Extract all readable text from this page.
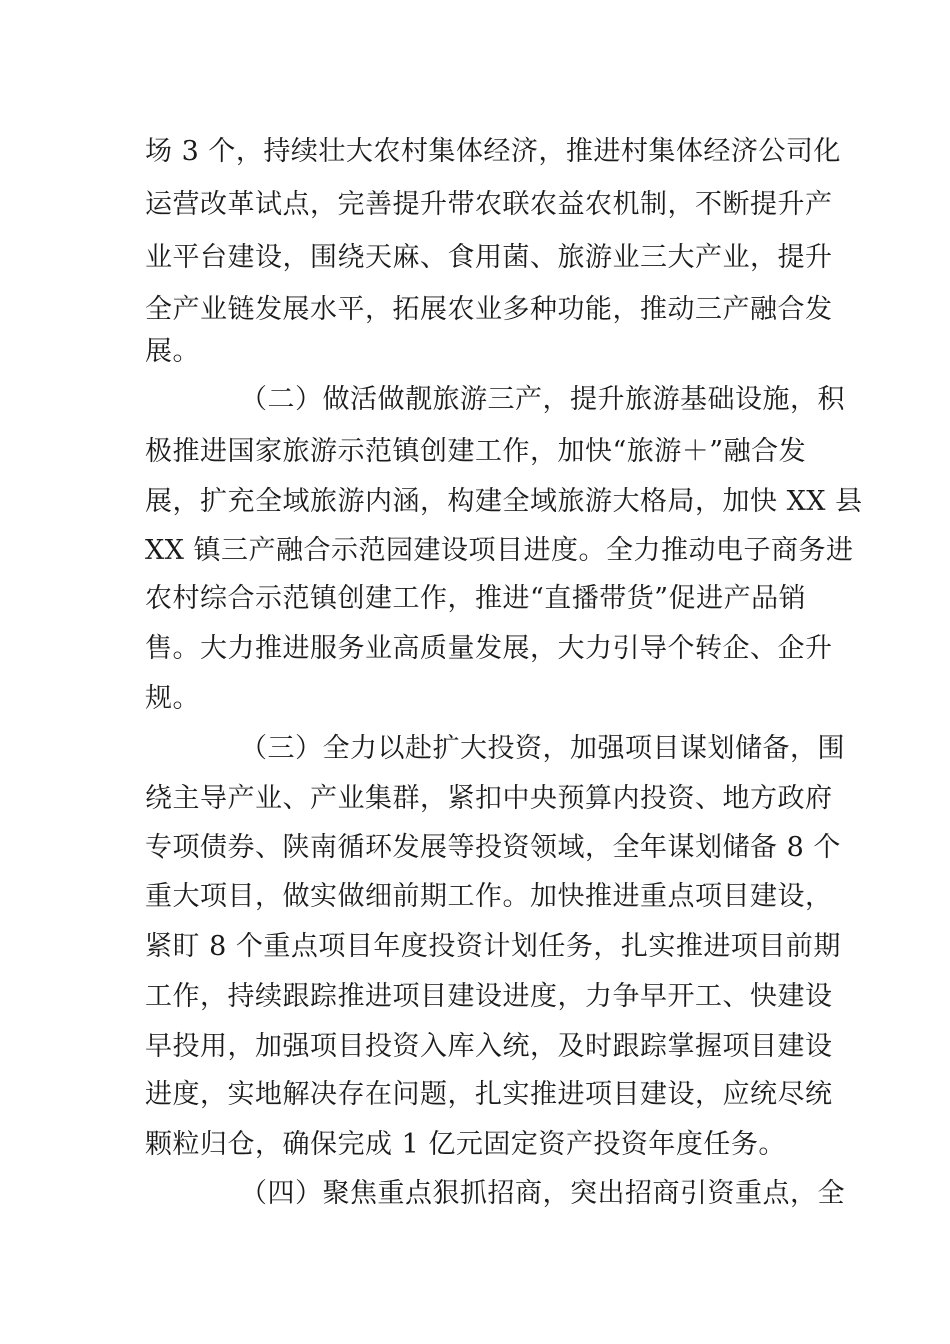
场 3 个，持续壮大农村集体经济，推进村集体经济公司化
运营改革试点，完善提升带农联农益农机制，不断提升产
业平台建设，围绕天麻、食用菌、旅游业三大产业，提升
全产业链发展水平，拓展农业多种功能，推动三产融合发
展。
（二）做活做靓旅游三产，提升旅游基础设施，积
极推进国家旅游示范镇创建工作，加快“旅游＋”融合发
展，扩充全域旅游内涵，构建全域旅游大格局，加快 XX 县
XX 镇三产融合示范园建设项目进度。全力推动电子商务进
农村综合示范镇创建工作，推进“直播带货”促进产品销
售。大力推进服务业高质量发展，大力引导个转企、企升
规。
（三）全力以赴扩大投资，加强项目谋划储备，围
绕主导产业、产业集群，紧扣中央预算内投资、地方政府
专项债券、陕南循环发展等投资领域，全年谋划储备 8 个
重大项目，做实做细前期工作。加快推进重点项目建设，
紧盯 8 个重点项目年度投资计划任务，扎实推进项目前期
工作，持续跟踪推进项目建设进度，力争早开工、快建设
早投用，加强项目投资入库入统，及时跟踪掌握项目建设
进度，实地解决存在问题，扎实推进项目建设，应统尽统
颗粒归仓，确保完成 1 亿元固定资产投资年度任务。
（四）聚焦重点狠抓招商，突出招商引资重点，全
